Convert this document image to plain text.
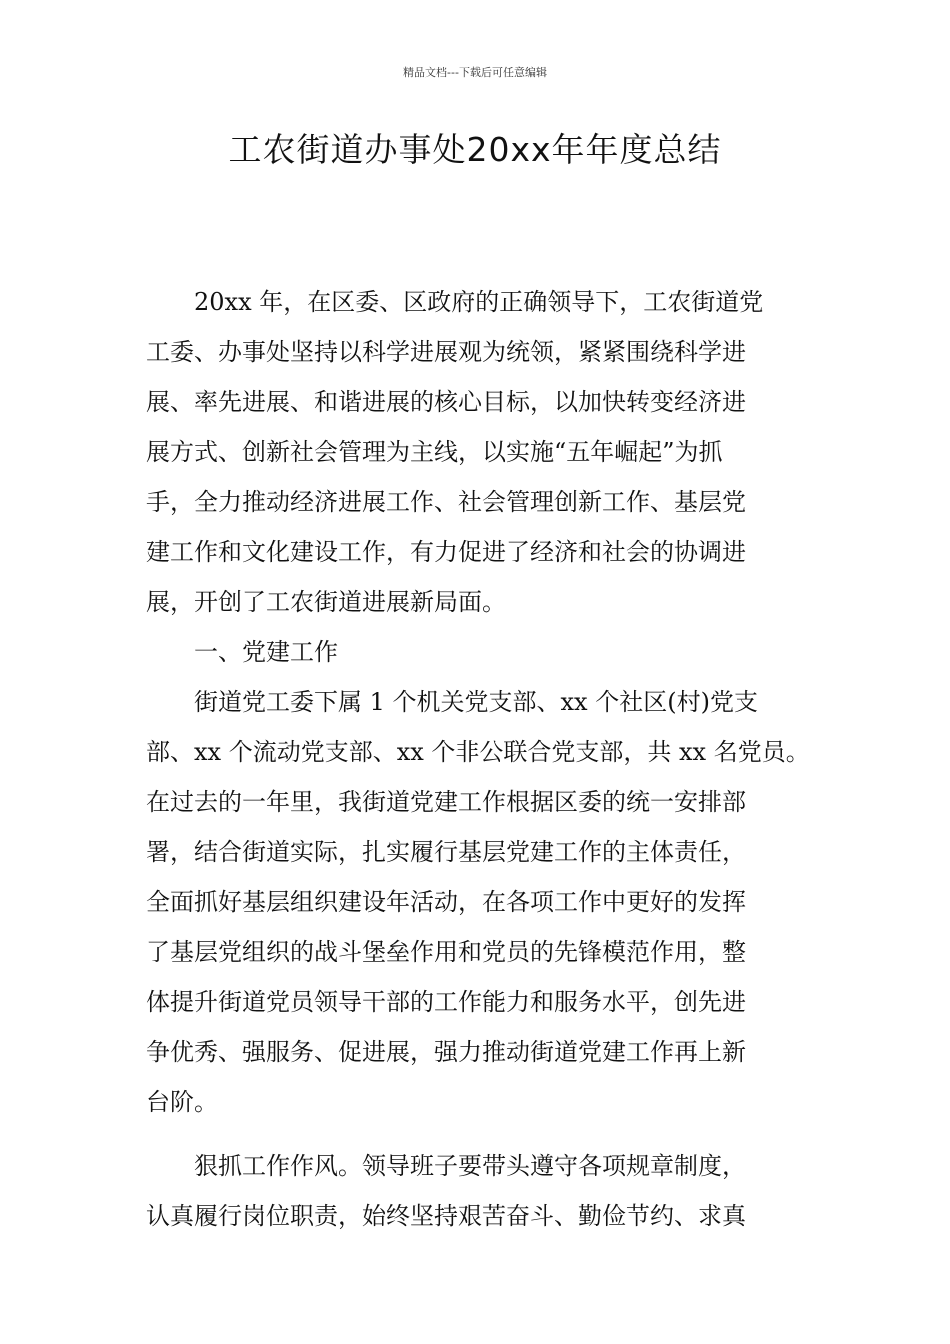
精品文档---下载后可任意编辑
工农街道办事处20xx年年度总结
　　20xx 年，在区委、区政府的正确领导下，工农街道党
工委、办事处坚持以科学进展观为统领，紧紧围绕科学进
展、率先进展、和谐进展的核心目标，以加快转变经济进
展方式、创新社会管理为主线，以实施“五年崛起”为抓
手，全力推动经济进展工作、社会管理创新工作、基层党
建工作和文化建设工作，有力促进了经济和社会的协调进
展，开创了工农街道进展新局面。
　　一、党建工作
　　街道党工委下属 1 个机关党支部、xx 个社区(村)党支
部、xx 个流动党支部、xx 个非公联合党支部，共 xx 名党员。
在过去的一年里，我街道党建工作根据区委的统一安排部
署，结合街道实际，扎实履行基层党建工作的主体责任，
全面抓好基层组织建设年活动，在各项工作中更好的发挥
了基层党组织的战斗堡垒作用和党员的先锋模范作用，整
体提升街道党员领导干部的工作能力和服务水平，创先进
争优秀、强服务、促进展，强力推动街道党建工作再上新
台阶。
　　狠抓工作作风。领导班子要带头遵守各项规章制度，
认真履行岗位职责，始终坚持艰苦奋斗、勤俭节约、求真
